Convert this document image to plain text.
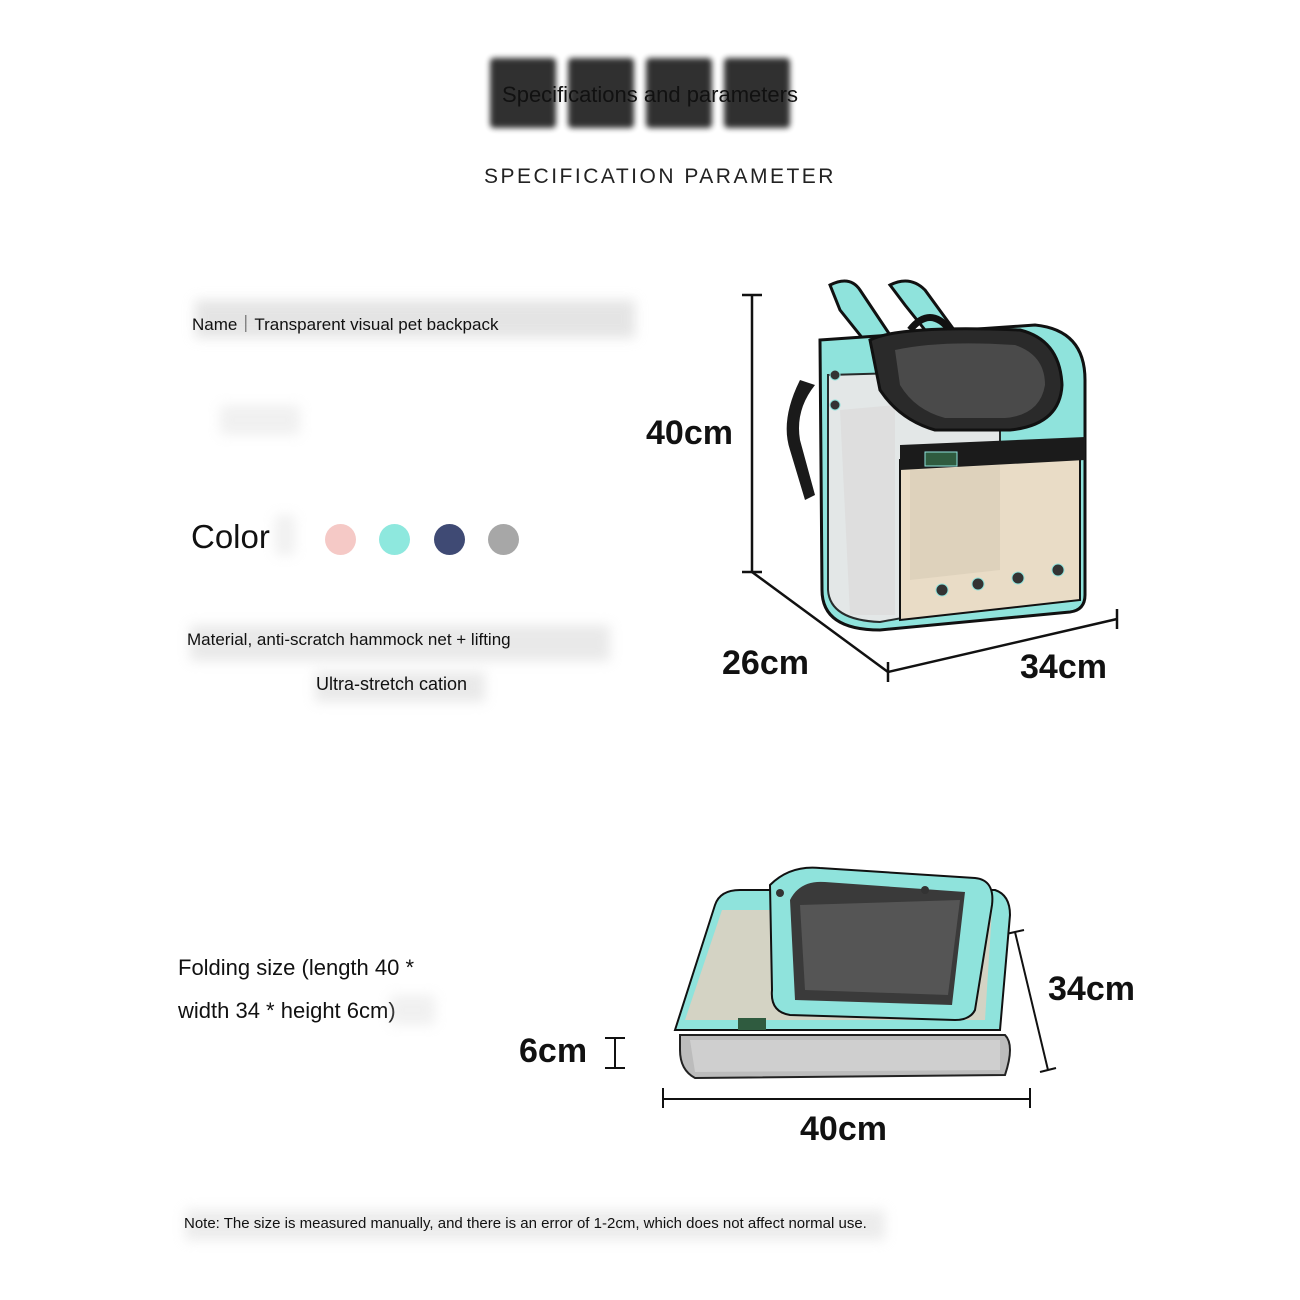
Specifications and parameters
SPECIFICATION PARAMETER
Name｜Transparent visual pet backpack
Color
Material, anti-scratch hammock net + lifting
Ultra-stretch cation
40cm
26cm	34cm
Folding size (length 40 *
width 34 * height 6cm)
6cm
34cm
40cm
Note: The size is measured manually, and there is an error of 1-2cm, which does not affect normal use.
